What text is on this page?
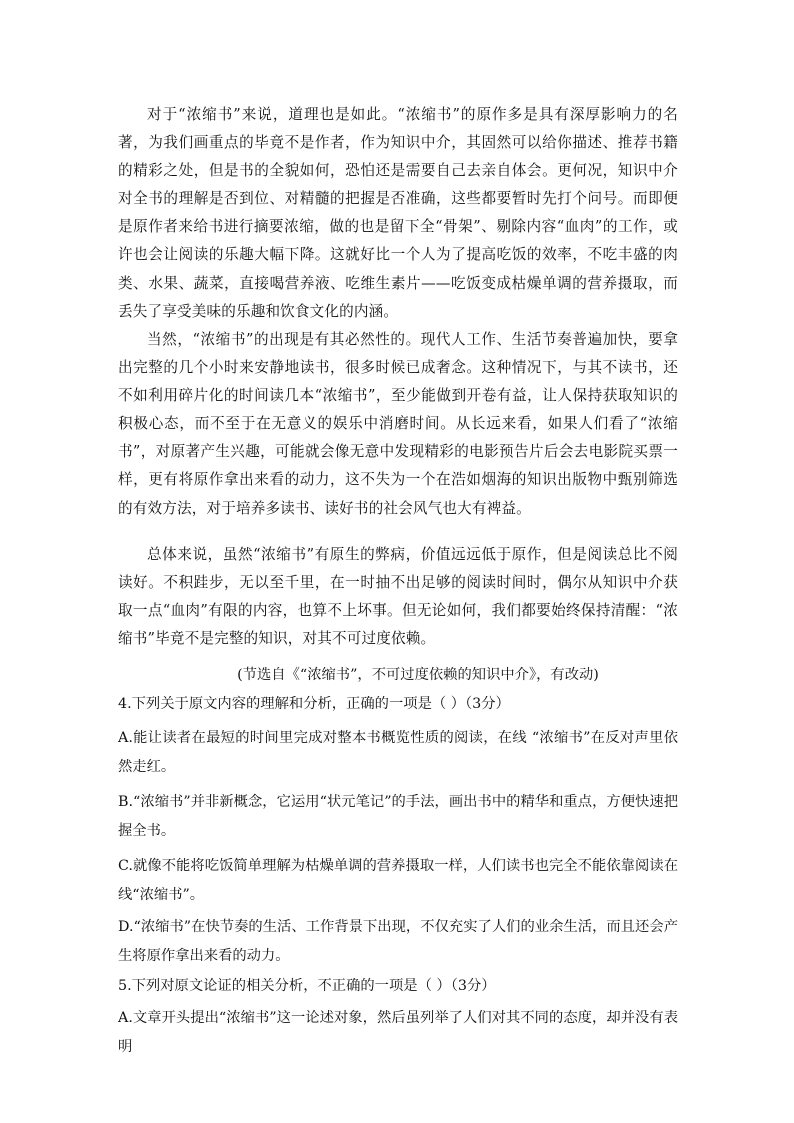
对于“浓缩书”来说，道理也是如此。“浓缩书”的原作多是具有深厚影响力的名著，为我们画重点的毕竟不是作者，作为知识中介，其固然可以给你描述、推荐书籍的精彩之处，但是书的全貌如何，恐怕还是需要自己去亲自体会。更何况，知识中介对全书的理解是否到位、对精髓的把握是否准确，这些都要暂时先打个问号。而即便是原作者来给书进行摘要浓缩，做的也是留下全“骨架”、剔除内容“血肉”的工作，或许也会让阅读的乐趣大幅下降。这就好比一个人为了提高吃饭的效率，不吃丰盛的肉类、水果、蔬菜，直接喝营养液、吃维生素片——吃饭变成枯燥单调的营养摄取，而丢失了享受美味的乐趣和饮食文化的内涵。

当然，“浓缩书”的出现是有其必然性的。现代人工作、生活节奏普遍加快，要拿出完整的几个小时来安静地读书，很多时候已成奢念。这种情况下，与其不读书，还不如利用碎片化的时间读几本“浓缩书”，至少能做到开卷有益，让人保持获取知识的积极心态，而不至于在无意义的娱乐中消磨时间。从长远来看，如果人们看了“浓缩书”，对原著产生兴趣，可能就会像无意中发现精彩的电影预告片后会去电影院买票一样，更有将原作拿出来看的动力，这不失为一个在浩如烟海的知识出版物中甄别筛选的有效方法，对于培养多读书、读好书的社会风气也大有裨益。

总体来说，虽然“浓缩书”有原生的弊病，价值远远低于原作，但是阅读总比不阅读好。不积跬步，无以至千里，在一时抽不出足够的阅读时间时，偶尔从知识中介获取一点“血肉”有限的内容，也算不上坏事。但无论如何，我们都要始终保持清醒：“浓缩书”毕竟不是完整的知识，对其不可过度依赖。

(节选自《“浓缩书”，不可过度依赖的知识中介》，有改动)

4.下列关于原文内容的理解和分析，正确的一项是（ ）（3分）

A.能让读者在最短的时间里完成对整本书概览性质的阅读，在线 “浓缩书”在反对声里依然走红。

B.“浓缩书”并非新概念，它运用“状元笔记”的手法，画出书中的精华和重点，方便快速把握全书。

C.就像不能将吃饭简单理解为枯燥单调的营养摄取一样，人们读书也完全不能依靠阅读在线“浓缩书”。

D.“浓缩书”在快节奏的生活、工作背景下出现，不仅充实了人们的业余生活，而且还会产生将原作拿出来看的动力。

5.下列对原文论证的相关分析，不正确的一项是（ ）（3分）

A.文章开头提出“浓缩书”这一论述对象，然后虽列举了人们对其不同的态度，却并没有表明
